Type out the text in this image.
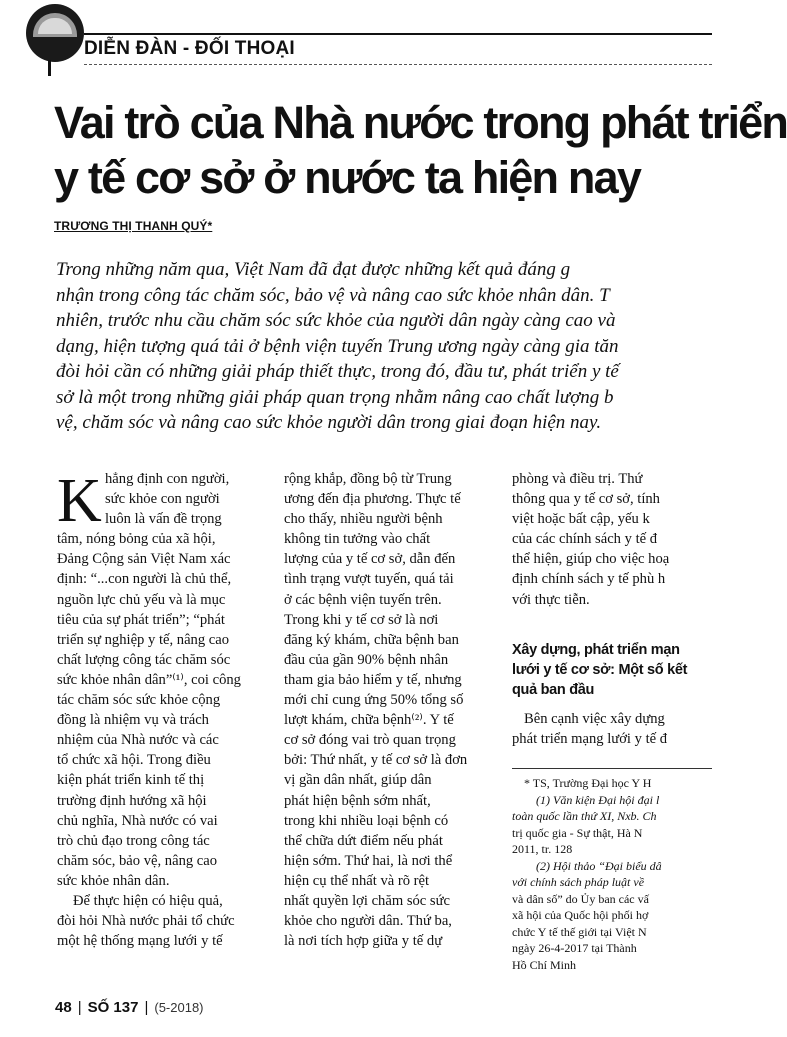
DIỄN ĐÀN - ĐỐI THOẠI
Vai trò của Nhà nước trong phát triển
y tế cơ sở ở nước ta hiện nay
TRƯƠNG THỊ THANH QUÝ*
Trong những năm qua, Việt Nam đã đạt được những kết quả đáng g
nhận trong công tác chăm sóc, bảo vệ và nâng cao sức khỏe nhân dân. T
nhiên, trước nhu cầu chăm sóc sức khỏe của người dân ngày càng cao và
dạng, hiện tượng quá tải ở bệnh viện tuyến Trung ương ngày càng gia tăn
đòi hỏi cần có những giải pháp thiết thực, trong đó, đầu tư, phát triển y tế
sở là một trong những giải pháp quan trọng nhằm nâng cao chất lượng b
vệ, chăm sóc và nâng cao sức khỏe người dân trong giai đoạn hiện nay.
K hẳng định con người,
sức khỏe con người
luôn là vấn đề trọng
tâm, nóng bỏng của xã hội,
Đảng Cộng sản Việt Nam xác
định: “...con người là chủ thể,
nguồn lực chủ yếu và là mục
tiêu của sự phát triển”; “phát
triển sự nghiệp y tế, nâng cao
chất lượng công tác chăm sóc
sức khỏe nhân dân”⁽¹⁾, coi công
tác chăm sóc sức khỏe cộng
đồng là nhiệm vụ và trách
nhiệm của Nhà nước và các
tổ chức xã hội. Trong điều
kiện phát triển kinh tế thị
trường định hướng xã hội
chủ nghĩa, Nhà nước có vai
trò chủ đạo trong công tác
chăm sóc, bảo vệ, nâng cao
sức khỏe nhân dân.
Để thực hiện có hiệu quả,
đòi hỏi Nhà nước phải tổ chức
một hệ thống mạng lưới y tế
rộng khắp, đồng bộ từ Trung
ương đến địa phương. Thực tế
cho thấy, nhiều người bệnh
không tin tưởng vào chất
lượng của y tế cơ sở, dẫn đến
tình trạng vượt tuyến, quá tải
ở các bệnh viện tuyến trên.
Trong khi y tế cơ sở là nơi
đăng ký khám, chữa bệnh ban
đầu của gần 90% bệnh nhân
tham gia bảo hiểm y tế, nhưng
mới chỉ cung ứng 50% tổng số
lượt khám, chữa bệnh⁽²⁾. Y tế
cơ sở đóng vai trò quan trọng
bởi: Thứ nhất, y tế cơ sở là đơn
vị gần dân nhất, giúp dân
phát hiện bệnh sớm nhất,
trong khi nhiều loại bệnh có
thể chữa dứt điểm nếu phát
hiện sớm. Thứ hai, là nơi thể
hiện cụ thể nhất và rõ rệt
nhất quyền lợi chăm sóc sức
khỏe cho người dân. Thứ ba,
là nơi tích hợp giữa y tế dự
phòng và điều trị. Thứ
thông qua y tế cơ sở, tính
việt hoặc bất cập, yếu k
của các chính sách y tế đ
thể hiện, giúp cho việc hoạ
định chính sách y tế phù h
với thực tiễn.
Xây dựng, phát triển mạn
lưới y tế cơ sở: Một số kết
quả ban đầu
Bên cạnh việc xây dựng
phát triển mạng lưới y tế đ
* TS, Trường Đại học Y H
(1) Văn kiện Đại hội đại l
toàn quốc lần thứ XI, Nxb. Ch
trị quốc gia - Sự thật, Hà N
2011, tr. 128
(2) Hội thảo “Đại biểu dâ
với chính sách pháp luật về
và dân số” do Ủy ban các vấ
xã hội của Quốc hội phối hợ
chức Y tế thế giới tại Việt N
ngày 26-4-2017 tại Thành
Hồ Chí Minh
48 | SỐ 137 | (5-2018)
